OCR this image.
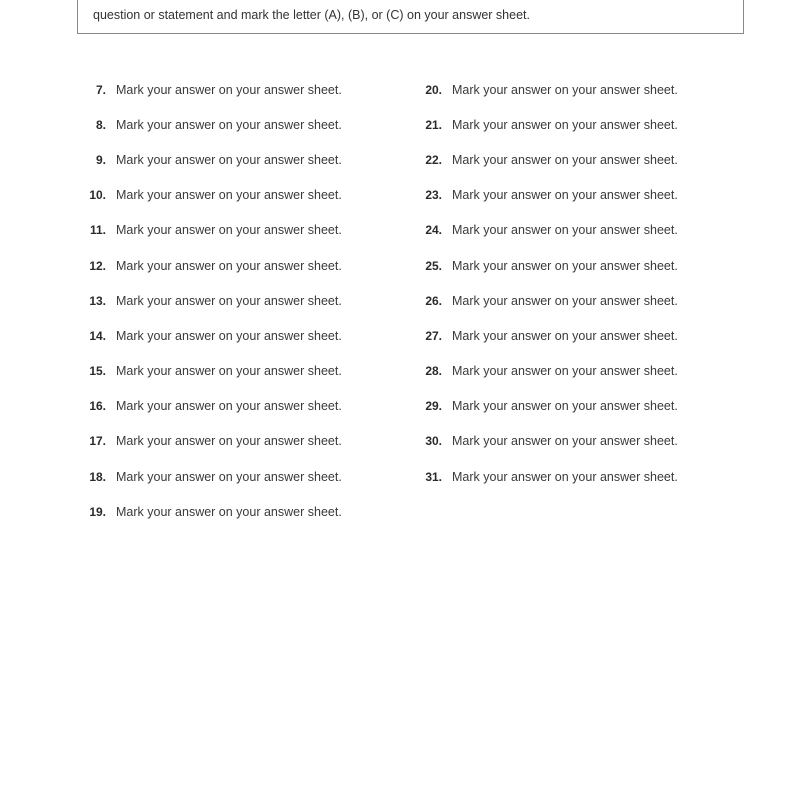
question or statement and mark the letter (A), (B), or (C) on your answer sheet.
7. Mark your answer on your answer sheet.
8. Mark your answer on your answer sheet.
9. Mark your answer on your answer sheet.
10. Mark your answer on your answer sheet.
11. Mark your answer on your answer sheet.
12. Mark your answer on your answer sheet.
13. Mark your answer on your answer sheet.
14. Mark your answer on your answer sheet.
15. Mark your answer on your answer sheet.
16. Mark your answer on your answer sheet.
17. Mark your answer on your answer sheet.
18. Mark your answer on your answer sheet.
19. Mark your answer on your answer sheet.
20. Mark your answer on your answer sheet.
21. Mark your answer on your answer sheet.
22. Mark your answer on your answer sheet.
23. Mark your answer on your answer sheet.
24. Mark your answer on your answer sheet.
25. Mark your answer on your answer sheet.
26. Mark your answer on your answer sheet.
27. Mark your answer on your answer sheet.
28. Mark your answer on your answer sheet.
29. Mark your answer on your answer sheet.
30. Mark your answer on your answer sheet.
31. Mark your answer on your answer sheet.
